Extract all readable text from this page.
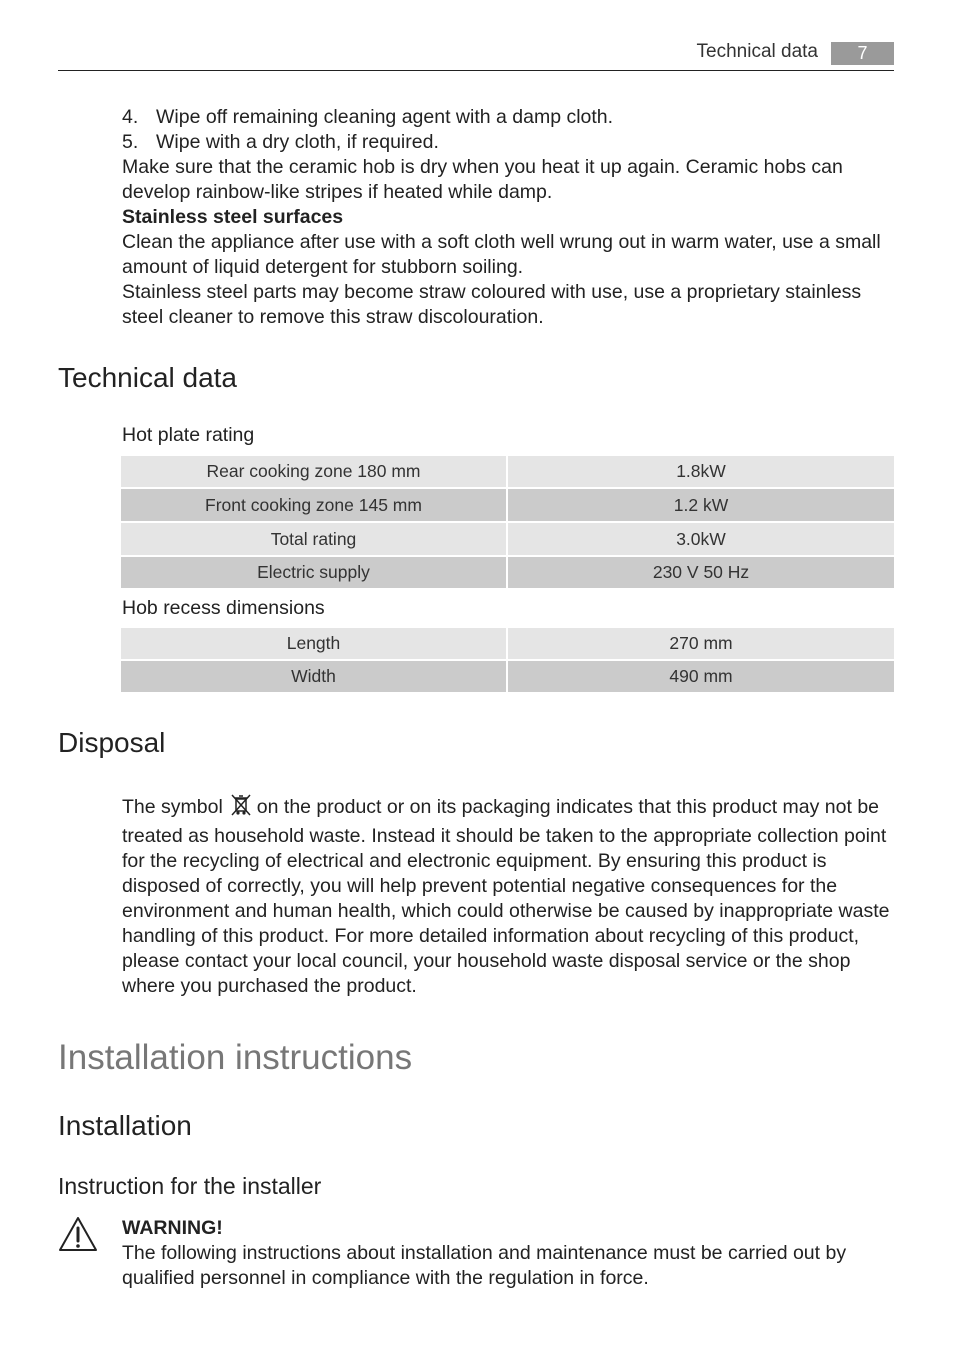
Technical data	7
4. Wipe off remaining cleaning agent with a damp cloth.
5. Wipe with a dry cloth, if required.
Make sure that the ceramic hob is dry when you heat it up again. Ceramic hobs can develop rainbow-like stripes if heated while damp.
Stainless steel surfaces
Clean the appliance after use with a soft cloth well wrung out in warm water, use a small amount of liquid detergent for stubborn soiling.
Stainless steel parts may become straw coloured with use, use a proprietary stainless steel cleaner to remove this straw discolouration.
Technical data
Hot plate rating
Rear cooking zone 180 mm	1.8kW
Front cooking zone 145 mm	1.2 kW
Total rating	3.0kW
Electric supply	230 V 50 Hz
Hob recess dimensions
Length	270 mm
Width	490 mm
Disposal
The symbol on the product or on its packaging indicates that this product may not be treated as household waste. Instead it should be taken to the appropriate collection point for the recycling of electrical and electronic equipment. By ensuring this product is disposed of correctly, you will help prevent potential negative consequences for the environment and human health, which could otherwise be caused by inappropriate waste handling of this product. For more detailed information about recycling of this product, please contact your local council, your household waste disposal service or the shop where you purchased the product.
Installation instructions
Installation
Instruction for the installer
WARNING!
The following instructions about installation and maintenance must be carried out by qualified personnel in compliance with the regulation in force.
